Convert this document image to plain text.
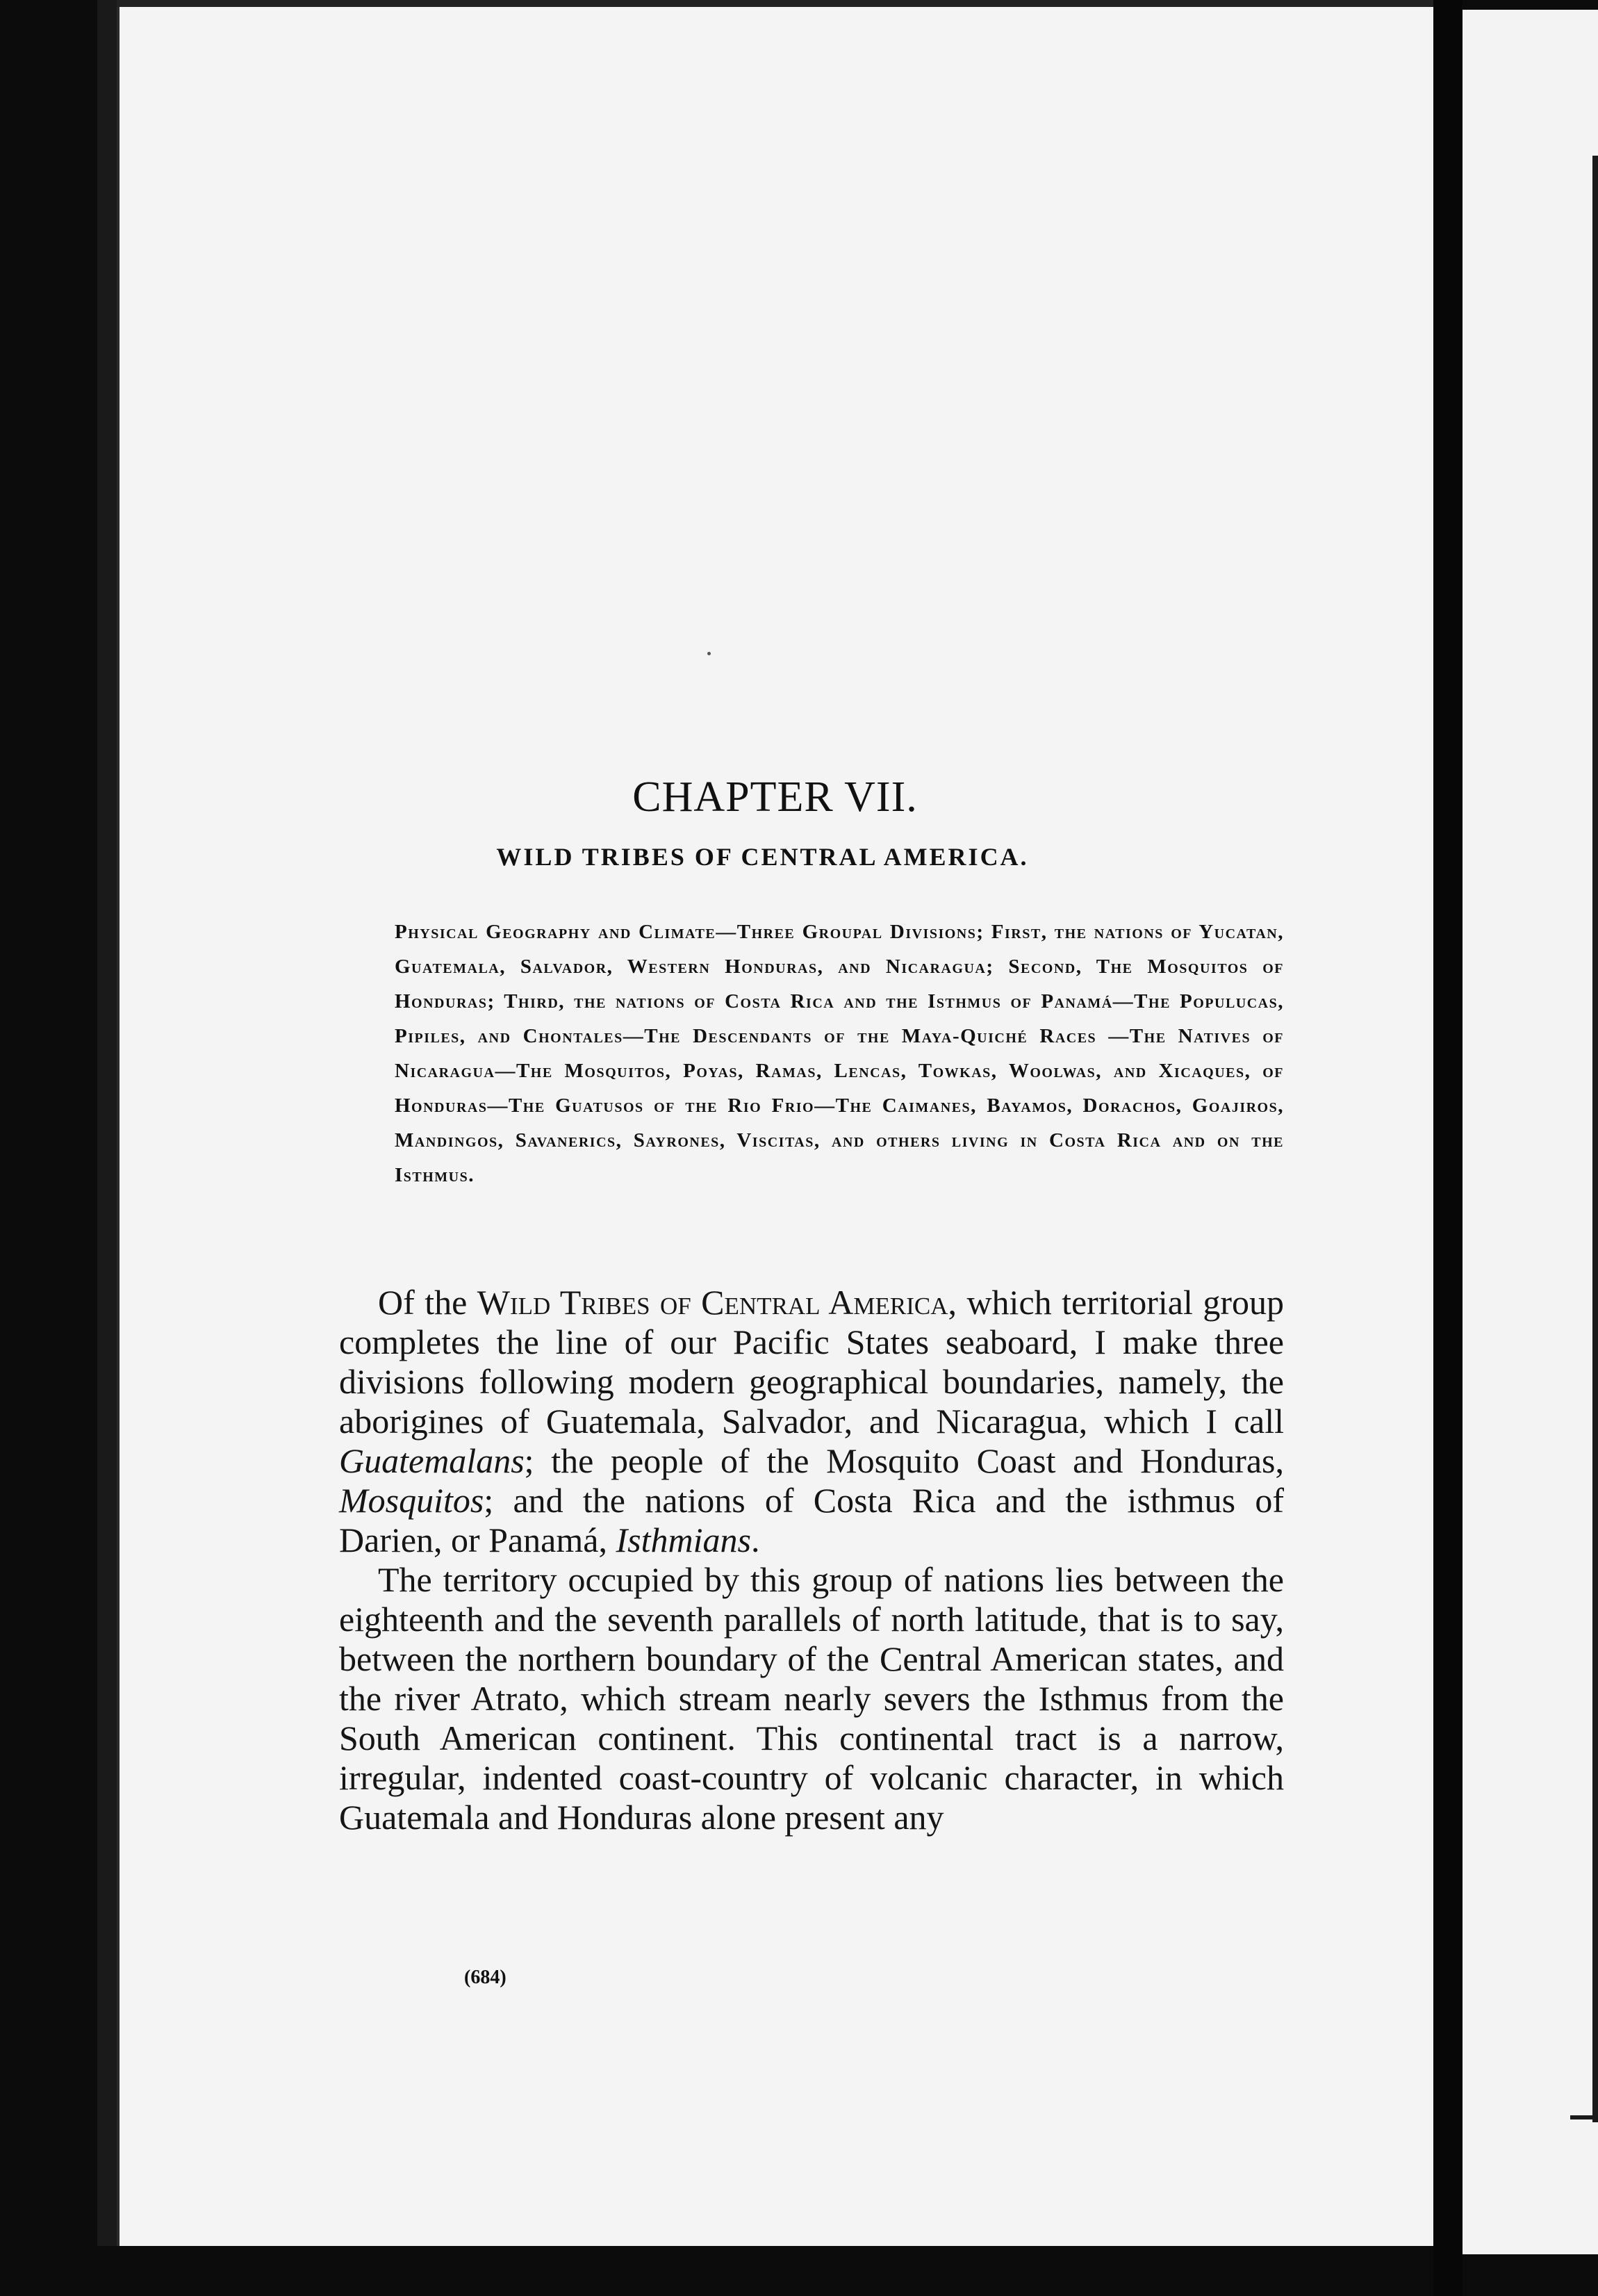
CHAPTER VII.
WILD TRIBES OF CENTRAL AMERICA.
Physical Geography and Climate—Three Groupal Divisions; First, the nations of Yucatan, Guatemala, Salvador, Western Honduras, and Nicaragua; Second, The Mosquitos of Honduras; Third, the nations of Costa Rica and the Isthmus of Panamá—The Populucas, Pipiles, and Chontales—The Descendants of the Maya-Quiché Races —The Natives of Nicaragua—The Mosquitos, Poyas, Ramas, Lencas, Towkas, Woolwas, and Xicaques, of Honduras—The Guatusos of the Rio Frio—The Caimanes, Bayamos, Dorachos, Goajiros, Mandingos, Savanerics, Sayrones, Viscitas, and others living in Costa Rica and on the Isthmus.

Of the Wild Tribes of Central America, which territorial group completes the line of our Pacific States seaboard, I make three divisions following modern geographical boundaries, namely, the aborigines of Guatemala, Salvador, and Nicaragua, which I call Guatemalans; the people of the Mosquito Coast and Honduras, Mosquitos; and the nations of Costa Rica and the isthmus of Darien, or Panamá, Isthmians.

The territory occupied by this group of nations lies between the eighteenth and the seventh parallels of north latitude, that is to say, between the northern boundary of the Central American states, and the river Atrato, which stream nearly severs the Isthmus from the South American continent. This continental tract is a narrow, irregular, indented coast-country of volcanic character, in which Guatemala and Honduras alone present any

(684)
